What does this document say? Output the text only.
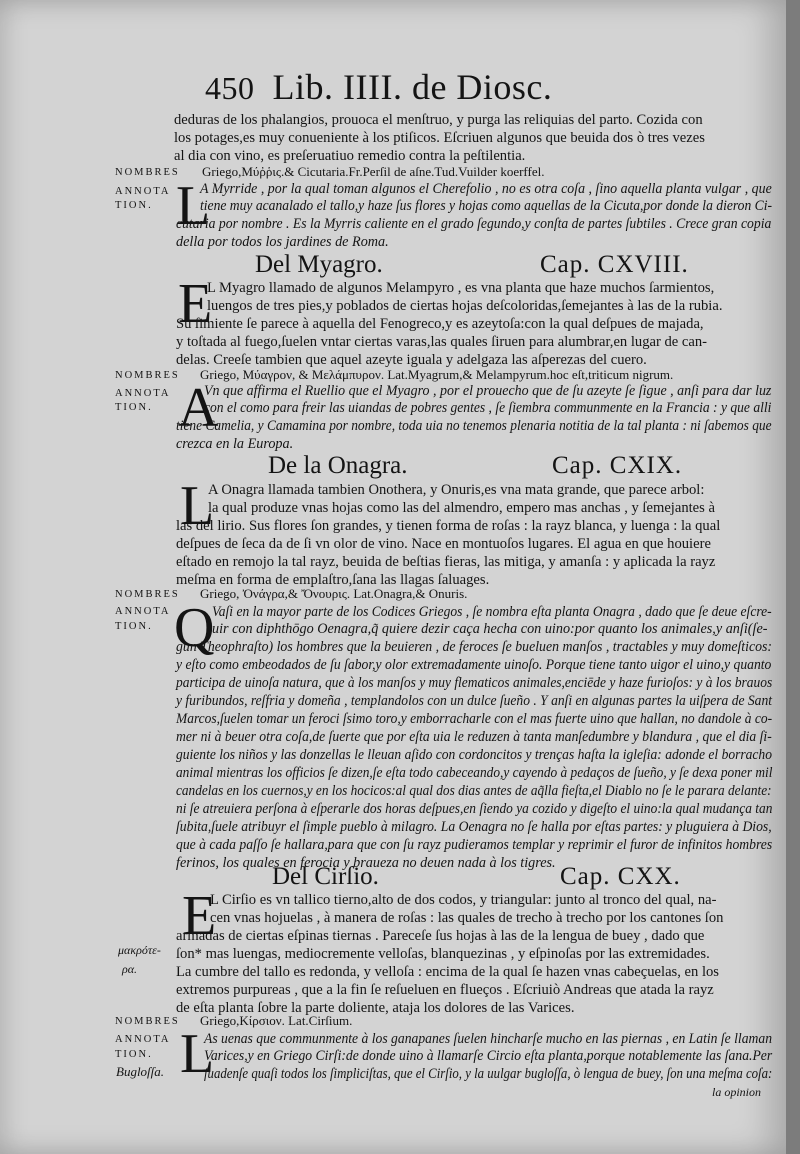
450 Lib. IIII. de Diosc.
deduras de los phalangios, prouoca el menſtruo, y purga las reliquias del parto. Cozida con
los potages,es muy conueniente à los ptiſicos. Eſcriuen algunos que beuida dos ò tres vezes
al dia con vino, es preſeruatiuo remedio contra la peſtilentia.
NOMBRES Griego,Μύῤῥις.& Cicutaria.Fr.Perſil de aſne.Tud.Vuilder koerffel.
ANNOTA
TION. L
A Myrride , por la qual toman algunos el Cherefolio , no es otra coſa , ſino aquella planta vulgar , que
tiene muy acanalado el tallo,y haze ſus flores y hojas como aquellas de la Cicuta,por donde la dieron Ci-
cutaria por nombre . Es la Myrris caliente en el grado ſegundo,y conſta de partes ſubtiles . Crece gran copia
della por todos los jardines de Roma.
Del Myagro.	Cap. CXVIII.
E
L Myagro llamado de algunos Melampyro , es vna planta que haze muchos ſarmientos,
luengos de tres pies,y poblados de ciertas hojas deſcoloridas,ſemejantes à las de la rubia.
Su ſimiente ſe parece à aquella del Fenogreco,y es azeytoſa:con la qual deſpues de majada,
y toſtada al fuego,ſuelen vntar ciertas varas,las quales ſiruen para alumbrar,en lugar de can-
delas. Creeſe tambien que aquel azeyte iguala y adelgaza las aſperezas del cuero.
NOMBRES Griego, Μύαγρον, & Μελάμπυρον. Lat.Myagrum,& Melampyrum.hoc eſt,triticum nigrum.
ANNOTA
TION. A
Vn que affirma el Ruellio que el Myagro , por el prouecho que de ſu azeyte ſe ſigue , anſi para dar luz
con el como para freir las uiandas de pobres gentes , ſe ſiembra communmente en la Francia : y que alli
tiene Camelia, y Camamina por nombre, toda uia no tenemos plenaria notitia de la tal planta : ni ſabemos que
crezca en la Europa.
De la Onagra.	Cap. CXIX.
L
A Onagra llamada tambien Onothera, y Onuris,es vna mata grande, que parece arbol:
la qual produze vnas hojas como las del almendro, empero mas anchas , y ſemejantes à
las del lirio. Sus flores ſon grandes, y tienen forma de roſas : la rayz blanca, y luenga : la qual
deſpues de ſeca da de ſi vn olor de vino. Nace en montuoſos lugares. El agua en que houiere
eſtado en remojo la tal rayz, beuida de beſtias fieras, las mitiga, y amanſa : y aplicada la rayz
meſma en forma de emplaſtro,ſana las llagas ſaluages.
NOMBRES Griego, Ὀνάγρα,& Ὄνουρις. Lat.Onagra,& Onuris.
ANNOTA
TION. Q
Vaſi en la mayor parte de los Codices Griegos , ſe nombra eſta planta Onagra , dado que ſe deue eſcre-
uir con diphthōgo Oenagra,q̃ quiere dezir caça hecha con uino:por quanto los animales,y anſi(ſe-
gun Theophraſto) los hombres que la beuieren , de feroces ſe bueluen manſos , tractables y muy domeſticos:
y eſto como embeodados de ſu ſabor,y olor extremadamente uinoſo. Porque tiene tanto uigor el uino,y quanto
participa de uinoſa natura, que à los manſos y muy flematicos animales,enciēde y haze furioſos: y à los brauos
y furibundos, reſfria y domeña , templandolos con un dulce ſueño . Y anſi en algunas partes la uiſpera de Sant
Marcos,ſuelen tomar un feroci ſsimo toro,y emborracharle con el mas fuerte uino que hallan, no dandole à co-
mer ni à beuer otra coſa,de ſuerte que por eſta uia le reduzen à tanta manſedumbre y blandura , que el dia ſi-
guiente los niños y las donzellas le lleuan aſido con cordoncitos y trenças haſta la igleſia: adonde el borracho
animal mientras los officios ſe dizen,ſe eſta todo cabeceando,y cayendo à pedaços de ſueño, y ſe dexa poner mil
candelas en los cuernos,y en los hocicos:al qual dos dias antes de aq̃lla fieſta,el Diablo no ſe le parara delante:
ni ſe atreuiera perſona à eſperarle dos horas deſpues,en ſiendo ya cozido y digeſto el uino:la qual mudança tan
ſubita,ſuele atribuyr el ſimple pueblo à milagro. La Oenagra no ſe halla por eſtas partes: y pluguiera à Dios,
que à cada paſſo ſe hallara,para que con ſu rayz pudieramos templar y reprimir el furor de infinitos hombres
ferinos, los quales en ferocia y braueza no deuen nada à los tigres.
Del Cirſio.	Cap. CXX.
E
L Cirſio es vn tallico tierno,alto de dos codos, y triangular: junto al tronco del qual, na-
cen vnas hojuelas , à manera de roſas : las quales de trecho à trecho por los cantones ſon
armadas de ciertas eſpinas tiernas . Pareceſe ſus hojas à las de la lengua de buey , dado que
ſon* mas luengas, mediocremente velloſas, blanquezinas , y eſpinoſas por las extremidades.
La cumbre del tallo es redonda, y velloſa : encima de la qual ſe hazen vnas cabeçuelas, en los
extremos purpureas , que a la fin ſe reſueluen en flueços . Eſcriuiò Andreas que atada la rayz
de eſta planta ſobre la parte doliente, ataja los dolores de las Varices.
μακρότε-
ρα.
NOMBRES Griego,Κίρσιον. Lat.Cirſium.
ANNOTA
TION.
Bugloſſa. L
As uenas que communmente à los ganapanes ſuelen hincharſe mucho en las piernas , en Latin ſe llaman
Varices,y en Griego Cirſi:de donde uino à llamarſe Circio eſta planta,porque notablemente las ſana.Per
ſuadenſe quaſi todos los ſimpliciſtas, que el Cirſio, y la uulgar bugloſſa, ò lengua de buey, ſon una meſma coſa:
la opinion
